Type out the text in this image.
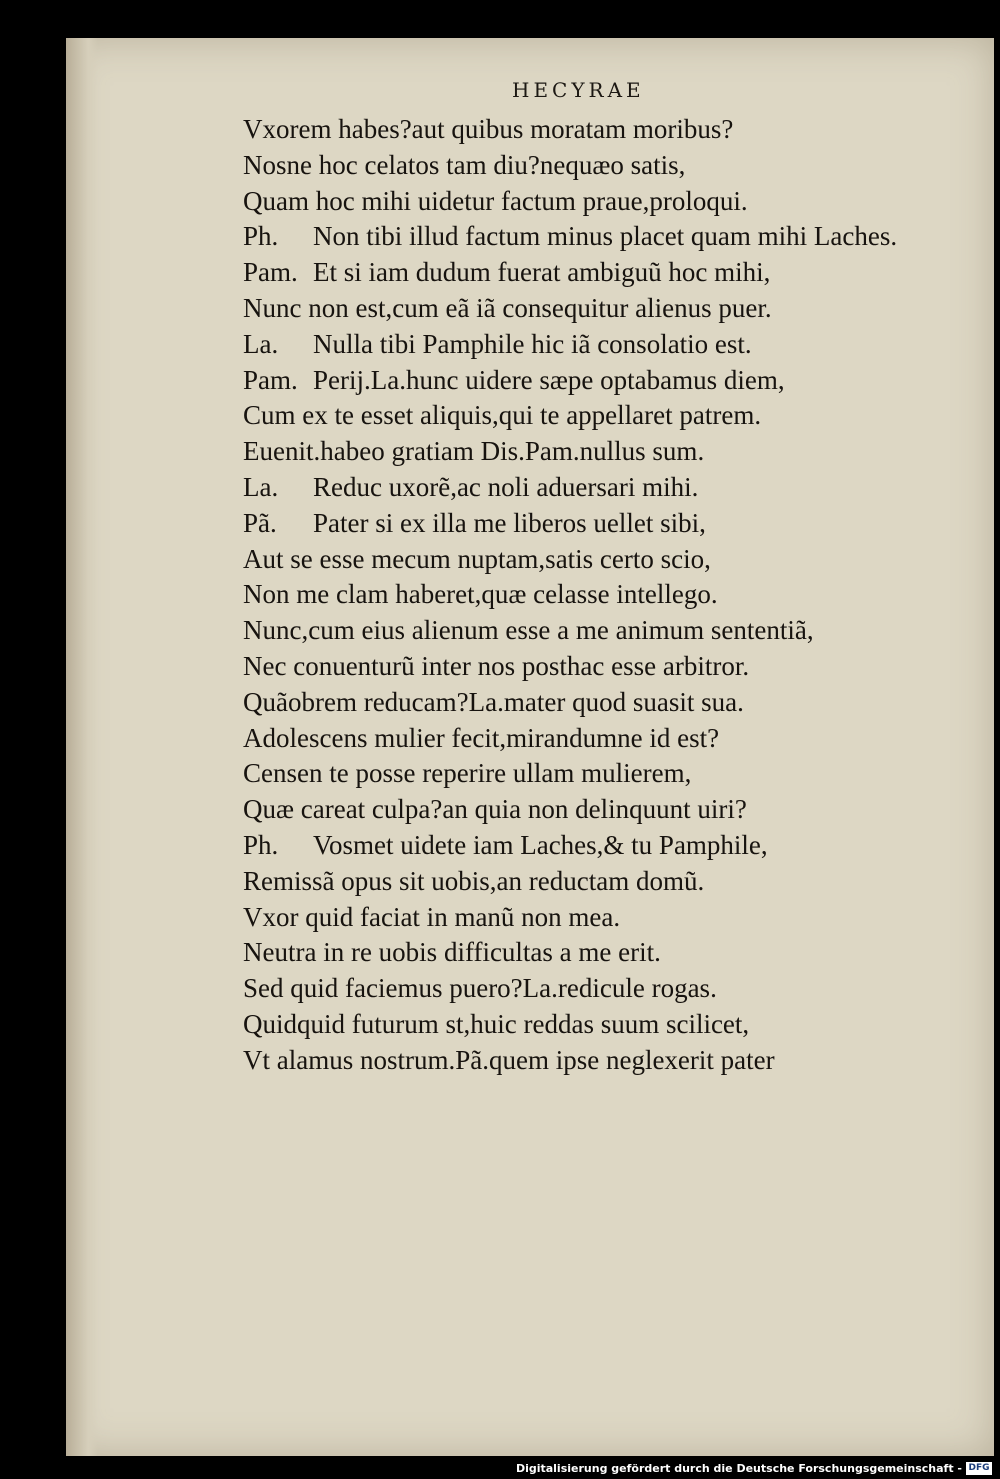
HECYRAE
Vxorem habes?aut quibus moratam moribus?
Nosne hoc celatos tam diu?nequæo satis,
Quam hoc mihi uidetur factum praue,proloqui.
Ph. Non tibi illud factum minus placet quam mihi Laches.
Pam. Et si iam dudum fuerat ambiguũ hoc mihi,
Nunc non est,cum eã iã consequitur alienus puer.
La. Nulla tibi Pamphile hic iã consolatio est.
Pam. Perij.La.hunc uidere sæpe optabamus diem,
Cum ex te esset aliquis,qui te appellaret patrem.
Euenit.habeo gratiam Dis.Pam.nullus sum.
La. Reduc uxorẽ,ac noli aduersari mihi.
Pã. Pater si ex illa me liberos uellet sibi,
Aut se esse mecum nuptam,satis certo scio,
Non me clam haberet,quæ celasse intellego.
Nunc,cum eius alienum esse a me animum sententiã,
Nec conuenturũ inter nos posthac esse arbitror.
Quãobrem reducam?La.mater quod suasit sua.
Adolescens mulier fecit,mirandumne id est?
Censen te posse reperire ullam mulierem,
Quæ careat culpa?an quia non delinquunt uiri?
Ph. Vosmet uidete iam Laches,& tu Pamphile,
Remissã opus sit uobis,an reductam domũ.
Vxor quid faciat in manũ non mea.
Neutra in re uobis difficultas a me erit.
Sed quid faciemus puero?La.redicule rogas.
Quidquid futurum st,huic reddas suum scilicet,
Vt alamus nostrum.Pã.quem ipse neglexerit pater
Digitalisierung gefördert durch die Deutsche Forschungsgemeinschaft - DFG
